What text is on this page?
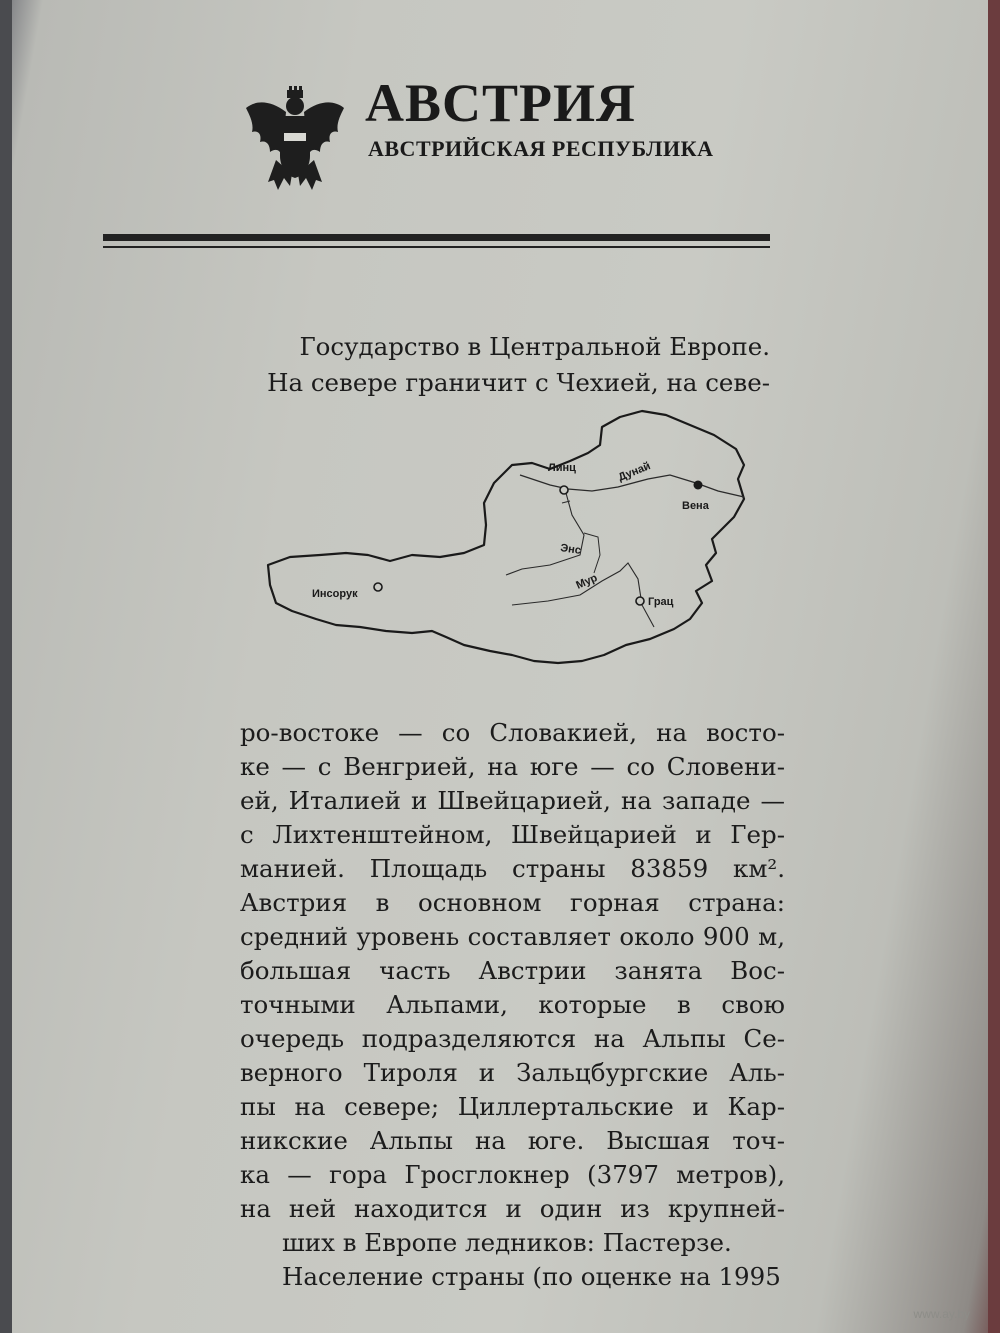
АВСТРИЯ
АВСТРИЙСКАЯ РЕСПУБЛИКА
Государство в Центральной Европе.
На севере граничит с Чехией, на севе-
Линц
Вена
Инсорук
Грац
Дунай
Энс
Мур
ро-востоке — со Словакией, на восто-
ке — с Венгрией, на юге — со Словени-
ей, Италией и Швейцарией, на западе —
с Лихтенштейном, Швейцарией и Гер-
манией. Площадь страны 83859 км².
Австрия в основном горная страна:
средний уровень составляет около 900 м,
большая часть Австрии занята Вос-
точными Альпами, которые в свою
очередь подразделяются на Альпы Се-
верного Тироля и Зальцбургские Аль-
пы на севере; Циллертальские и Кар-
никские Альпы на юге. Высшая точ-
ка — гора Гросглокнер (3797 метров),
на ней находится и один из крупней-
ших в Европе ледников: Пастерзе.
Население страны (по оценке на 1995
www.ay.by
